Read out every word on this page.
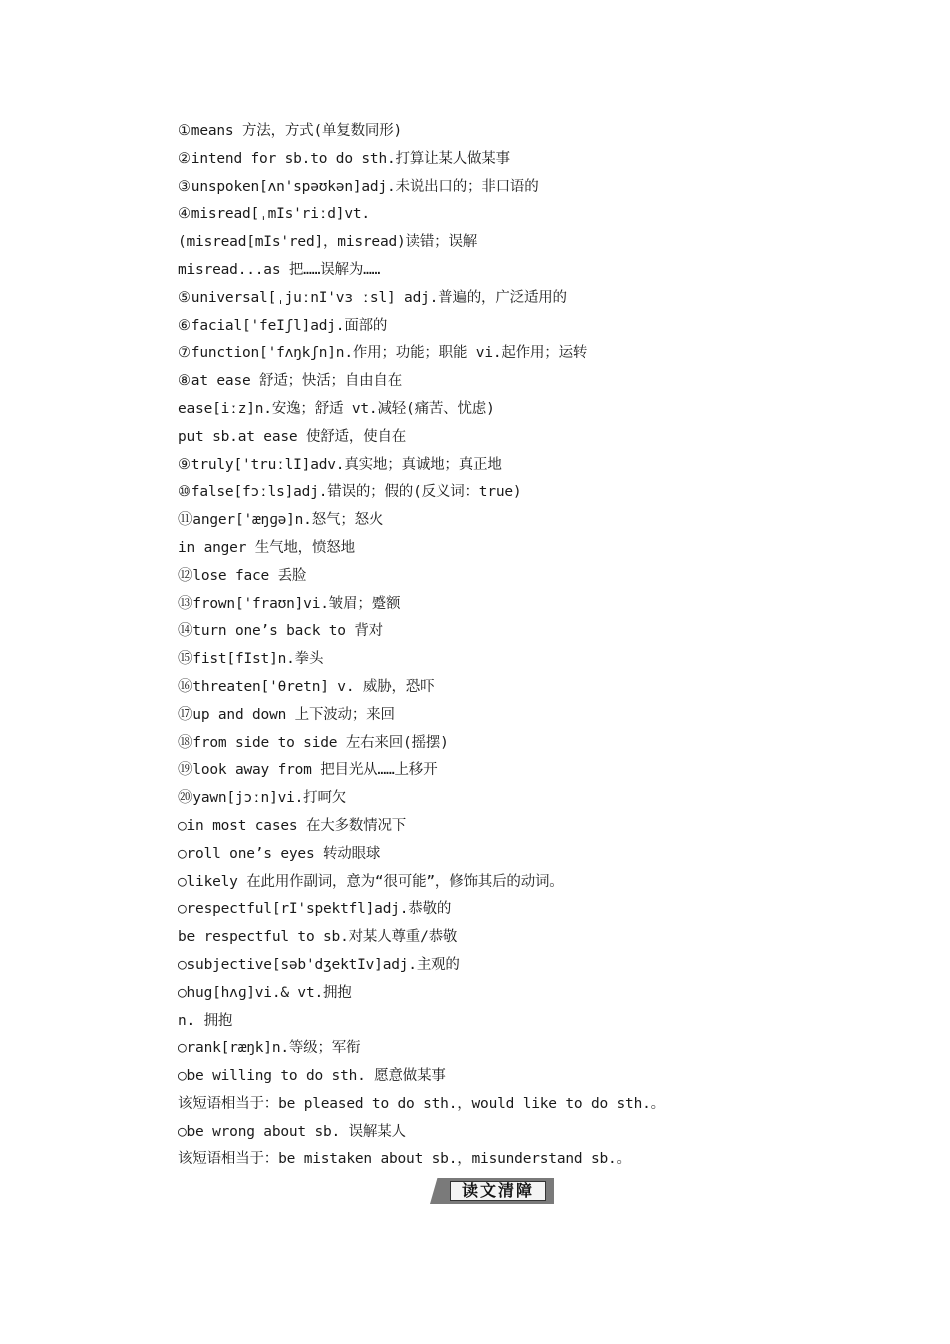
①means 方法，方式(单复数同形)
②intend for sb.to do sth.打算让某人做某事
③unspoken[ʌn'spəʊkən]adj.未说出口的；非口语的
④misread[ˌmIs'riːd]vt.
(misread[mIs'red]，misread)读错；误解
misread...as 把……误解为……
⑤universal[ˌjuːnI'vɜ ːsl] adj.普遍的，广泛适用的
⑥facial['feIʃl]adj.面部的
⑦function['fʌŋkʃn]n.作用；功能；职能 vi.起作用；运转
⑧at ease 舒适；快活；自由自在
ease[iːz]n.安逸；舒适 vt.减轻(痛苦、忧虑)
put sb.at ease 使舒适，使自在
⑨truly['truːlI]adv.真实地；真诚地；真正地
⑩false[fɔːls]adj.错误的；假的(反义词：true)
⑪anger['æŋɡə]n.怒气；怒火
in anger 生气地，愤怒地
⑫lose face 丢脸
⑬frown['fraʊn]vi.皱眉；蹙额
⑭turn one’s back to 背对
⑮fist[fIst]n.拳头
⑯threaten['θretn] v. 威胁，恐吓
⑰up and down 上下波动；来回
⑱from side to side 左右来回(摇摆)
⑲look away from 把目光从……上移开
⑳yawn[jɔːn]vi.打呵欠
○in most cases 在大多数情况下
○roll one’s eyes 转动眼球
○likely 在此用作副词，意为“很可能”，修饰其后的动词。
○respectful[rI'spektfl]adj.恭敬的
be respectful to sb.对某人尊重/恭敬
○subjective[səb'dʒektIv]adj.主观的
○hug[hʌɡ]vi.& vt.拥抱
n. 拥抱
○rank[ræŋk]n.等级；军衔
○be willing to do sth. 愿意做某事
该短语相当于：be pleased to do sth.，would like to do sth.。
○be wrong about sb. 误解某人
该短语相当于：be mistaken about sb.，misunderstand sb.。
读文清障
